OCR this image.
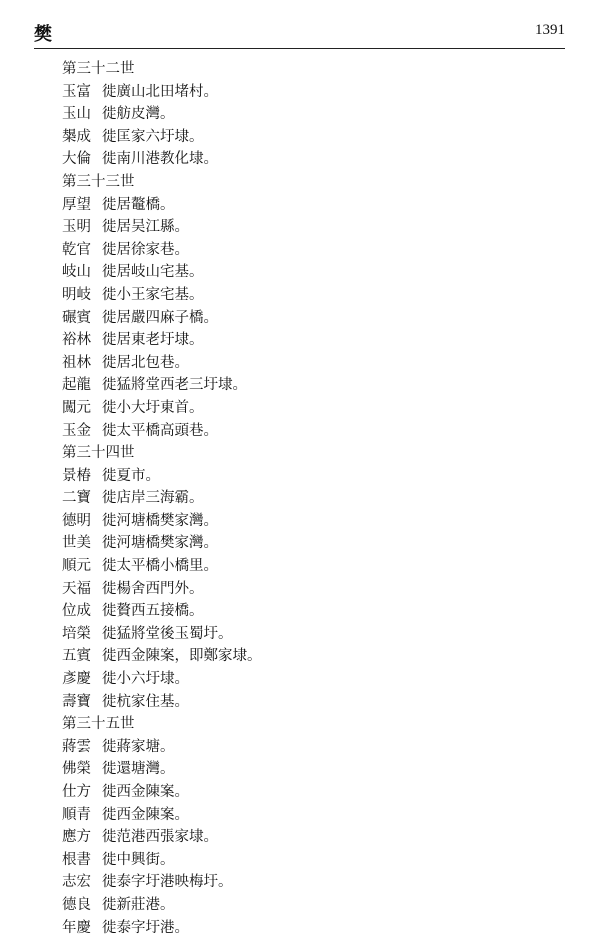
樊	1391
第三十二世
玉富 徙廣山北田堵村。
玉山 徙舫皮灣。
槼成 徙匡家六圩埭。
大倫 徙南川港教化埭。
第三十三世
厚望 徙居鼇橋。
玉明 徙居吴江縣。
乾官 徙居徐家巷。
岐山 徙居岐山宅基。
明岐 徙小王家宅基。
碾賓 徙居嚴四麻子橋。
裕林 徙居東老圩埭。
祖林 徙居北包巷。
起龍 徙猛將堂西老三圩埭。
闖元 徙小大圩東首。
玉金 徙太平橋高頭巷。
第三十四世
景椿 徙夏市。
二寶 徙店岸三海霸。
德明 徙河塘橋樊家灣。
世美 徙河塘橋樊家灣。
順元 徙太平橋小橋里。
天福 徙楊舍西門外。
位成 徙贅西五接橋。
培榮 徙猛將堂後玉蜀圩。
五賓 徙西金陳案，即鄭家埭。
彥慶 徙小六圩埭。
壽寶 徙杭家住基。
第三十五世
蔣雲 徙蔣家塘。
佛榮 徙還塘灣。
仕方 徙西金陳案。
順青 徙西金陳案。
應方 徙范港西張家埭。
根書 徙中興街。
志宏 徙泰字圩港映梅圩。
德良 徙新莊港。
年慶 徙泰字圩港。
